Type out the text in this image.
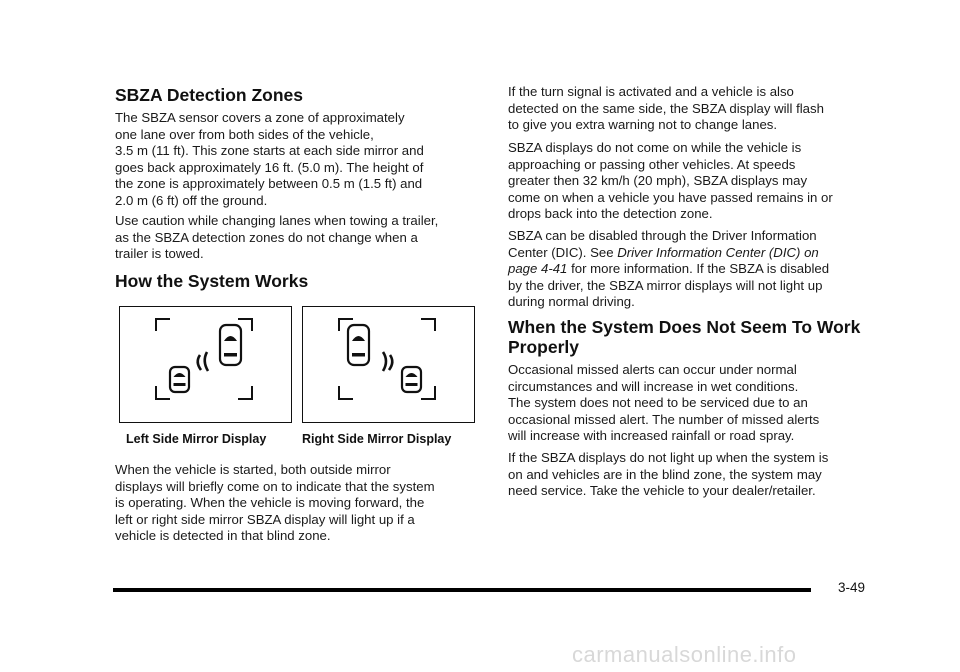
SBZA Detection Zones

The SBZA sensor covers a zone of approximately
one lane over from both sides of the vehicle,
3.5 m (11 ft). This zone starts at each side mirror and
goes back approximately 16 ft. (5.0 m). The height of
the zone is approximately between 0.5 m (1.5 ft) and
2.0 m (6 ft) off the ground.

Use caution while changing lanes when towing a trailer,
as the SBZA detection zones do not change when a
trailer is towed.

How the System Works
Left Side Mirror Display	Right Side Mirror Display

When the vehicle is started, both outside mirror
displays will briefly come on to indicate that the system
is operating. When the vehicle is moving forward, the
left or right side mirror SBZA display will light up if a
vehicle is detected in that blind zone.

If the turn signal is activated and a vehicle is also
detected on the same side, the SBZA display will flash
to give you extra warning not to change lanes.

SBZA displays do not come on while the vehicle is
approaching or passing other vehicles. At speeds
greater then 32 km/h (20 mph), SBZA displays may
come on when a vehicle you have passed remains in or
drops back into the detection zone.

SBZA can be disabled through the Driver Information
Center (DIC). See Driver Information Center (DIC) on
page 4-41 for more information. If the SBZA is disabled
by the driver, the SBZA mirror displays will not light up
during normal driving.

When the System Does Not Seem To Work
Properly

Occasional missed alerts can occur under normal
circumstances and will increase in wet conditions.
The system does not need to be serviced due to an
occasional missed alert. The number of missed alerts
will increase with increased rainfall or road spray.

If the SBZA displays do not light up when the system is
on and vehicles are in the blind zone, the system may
need service. Take the vehicle to your dealer/retailer.

3-49
carmanualsonline.info
